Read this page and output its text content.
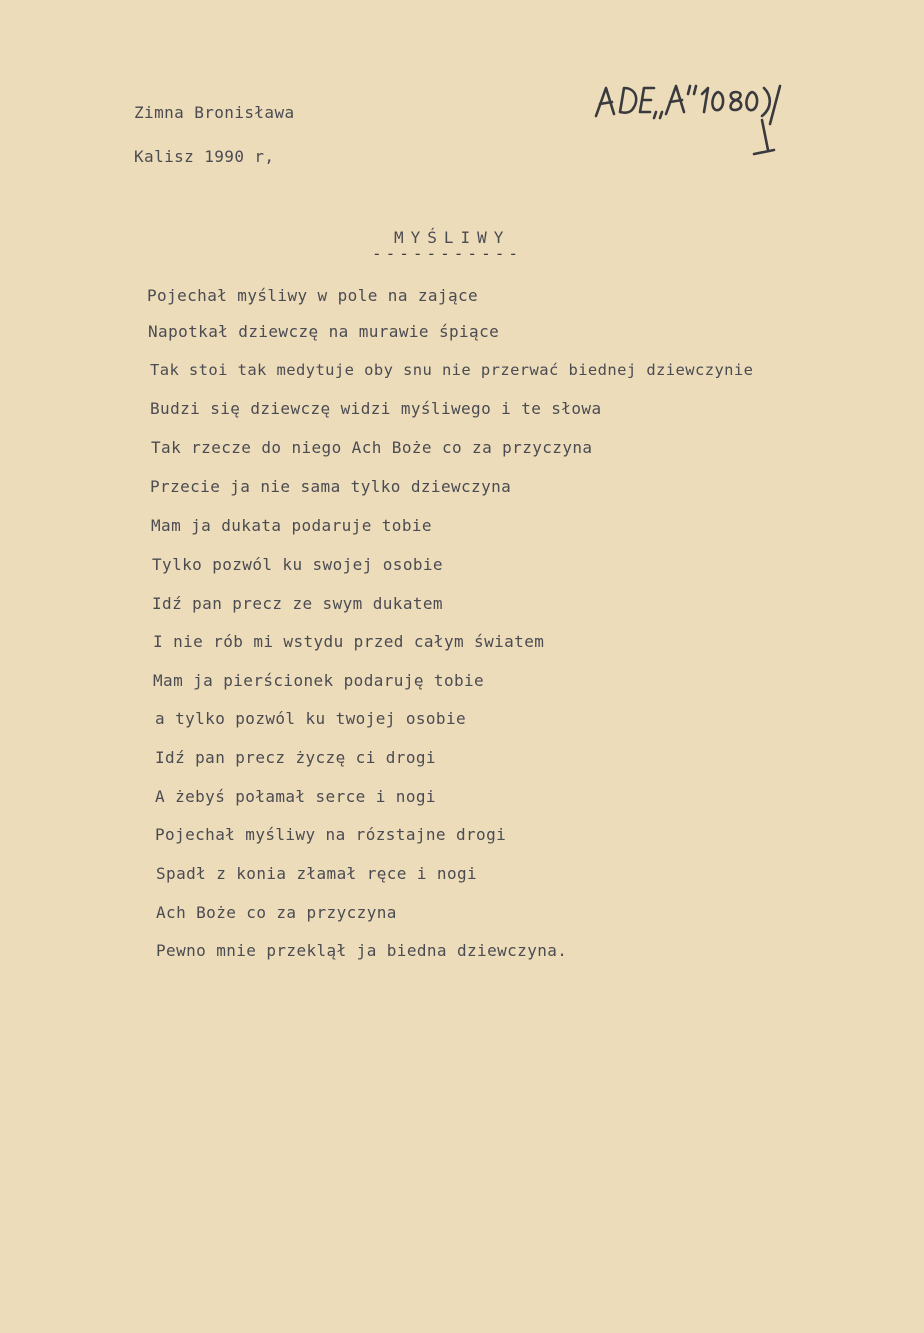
Zimna Bronisława
Kalisz 1990 r,
MYŚLIWY
-----------
Pojechał myśliwy w pole na zające
Napotkał dziewczę na murawie śpiące
Tak stoi tak medytuje oby snu nie przerwać biednej dziewczynie
Budzi się dziewczę widzi myśliwego i te słowa
Tak rzecze do niego Ach Boże co za przyczyna
Przecie ja nie sama tylko dziewczyna
Mam ja dukata podaruje tobie
Tylko pozwól ku swojej osobie
Idź pan precz ze swym dukatem
I nie rób mi wstydu przed całym światem
Mam ja pierścionek podaruję tobie
a tylko pozwól ku twojej osobie
Idź pan precz życzę ci drogi
A żebyś połamał serce i nogi
Pojechał myśliwy na rózstajne drogi
Spadł z konia złamał ręce i nogi
Ach Boże co za przyczyna
Pewno mnie przeklął ja biedna dziewczyna.
